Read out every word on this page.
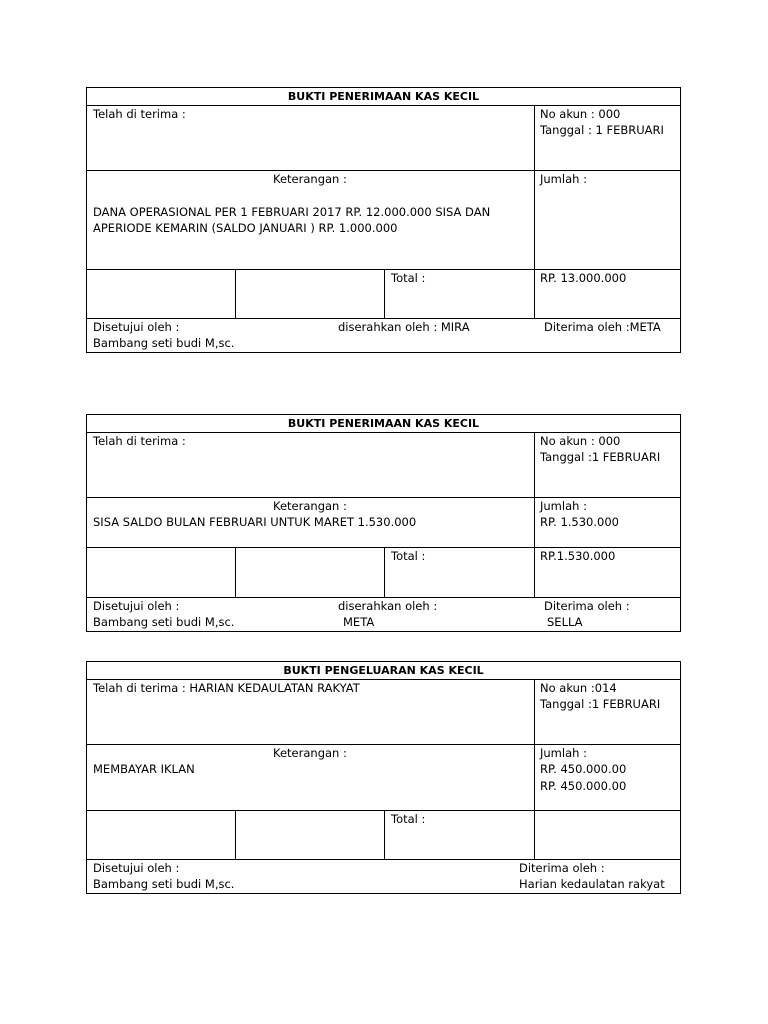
BUKTI PENERIMAAN KAS KECIL
Telah di terima :	No akun : 000
Tanggal : 1 FEBRUARI
Keterangan :
DANA OPERASIONAL PER 1 FEBRUARI 2017 RP. 12.000.000 SISA DAN
APERIODE KEMARIN (SALDO JANUARI ) RP. 1.000.000
Jumlah :
Total :	RP. 13.000.000
Disetujui oleh :
Bambang seti budi M,sc.
diserahkan oleh : MIRA	Diterima oleh :META
BUKTI PENERIMAAN KAS KECIL
Telah di terima :	No akun : 000
Tanggal :1 FEBRUARI
Keterangan :
SISA SALDO BULAN FEBRUARI UNTUK MARET 1.530.000
Jumlah :
RP. 1.530.000
Total :	RP.1.530.000
Disetujui oleh :
Bambang seti budi M,sc.
diserahkan oleh :
META
Diterima oleh :
SELLA
BUKTI PENGELUARAN KAS KECIL
Telah di terima : HARIAN KEDAULATAN RAKYAT	No akun :014
Tanggal :1 FEBRUARI
Keterangan :
MEMBAYAR IKLAN
Jumlah :
RP. 450.000.00
RP. 450.000.00
Total :
Disetujui oleh :
Bambang seti budi M,sc.
Diterima oleh :
Harian kedaulatan rakyat
